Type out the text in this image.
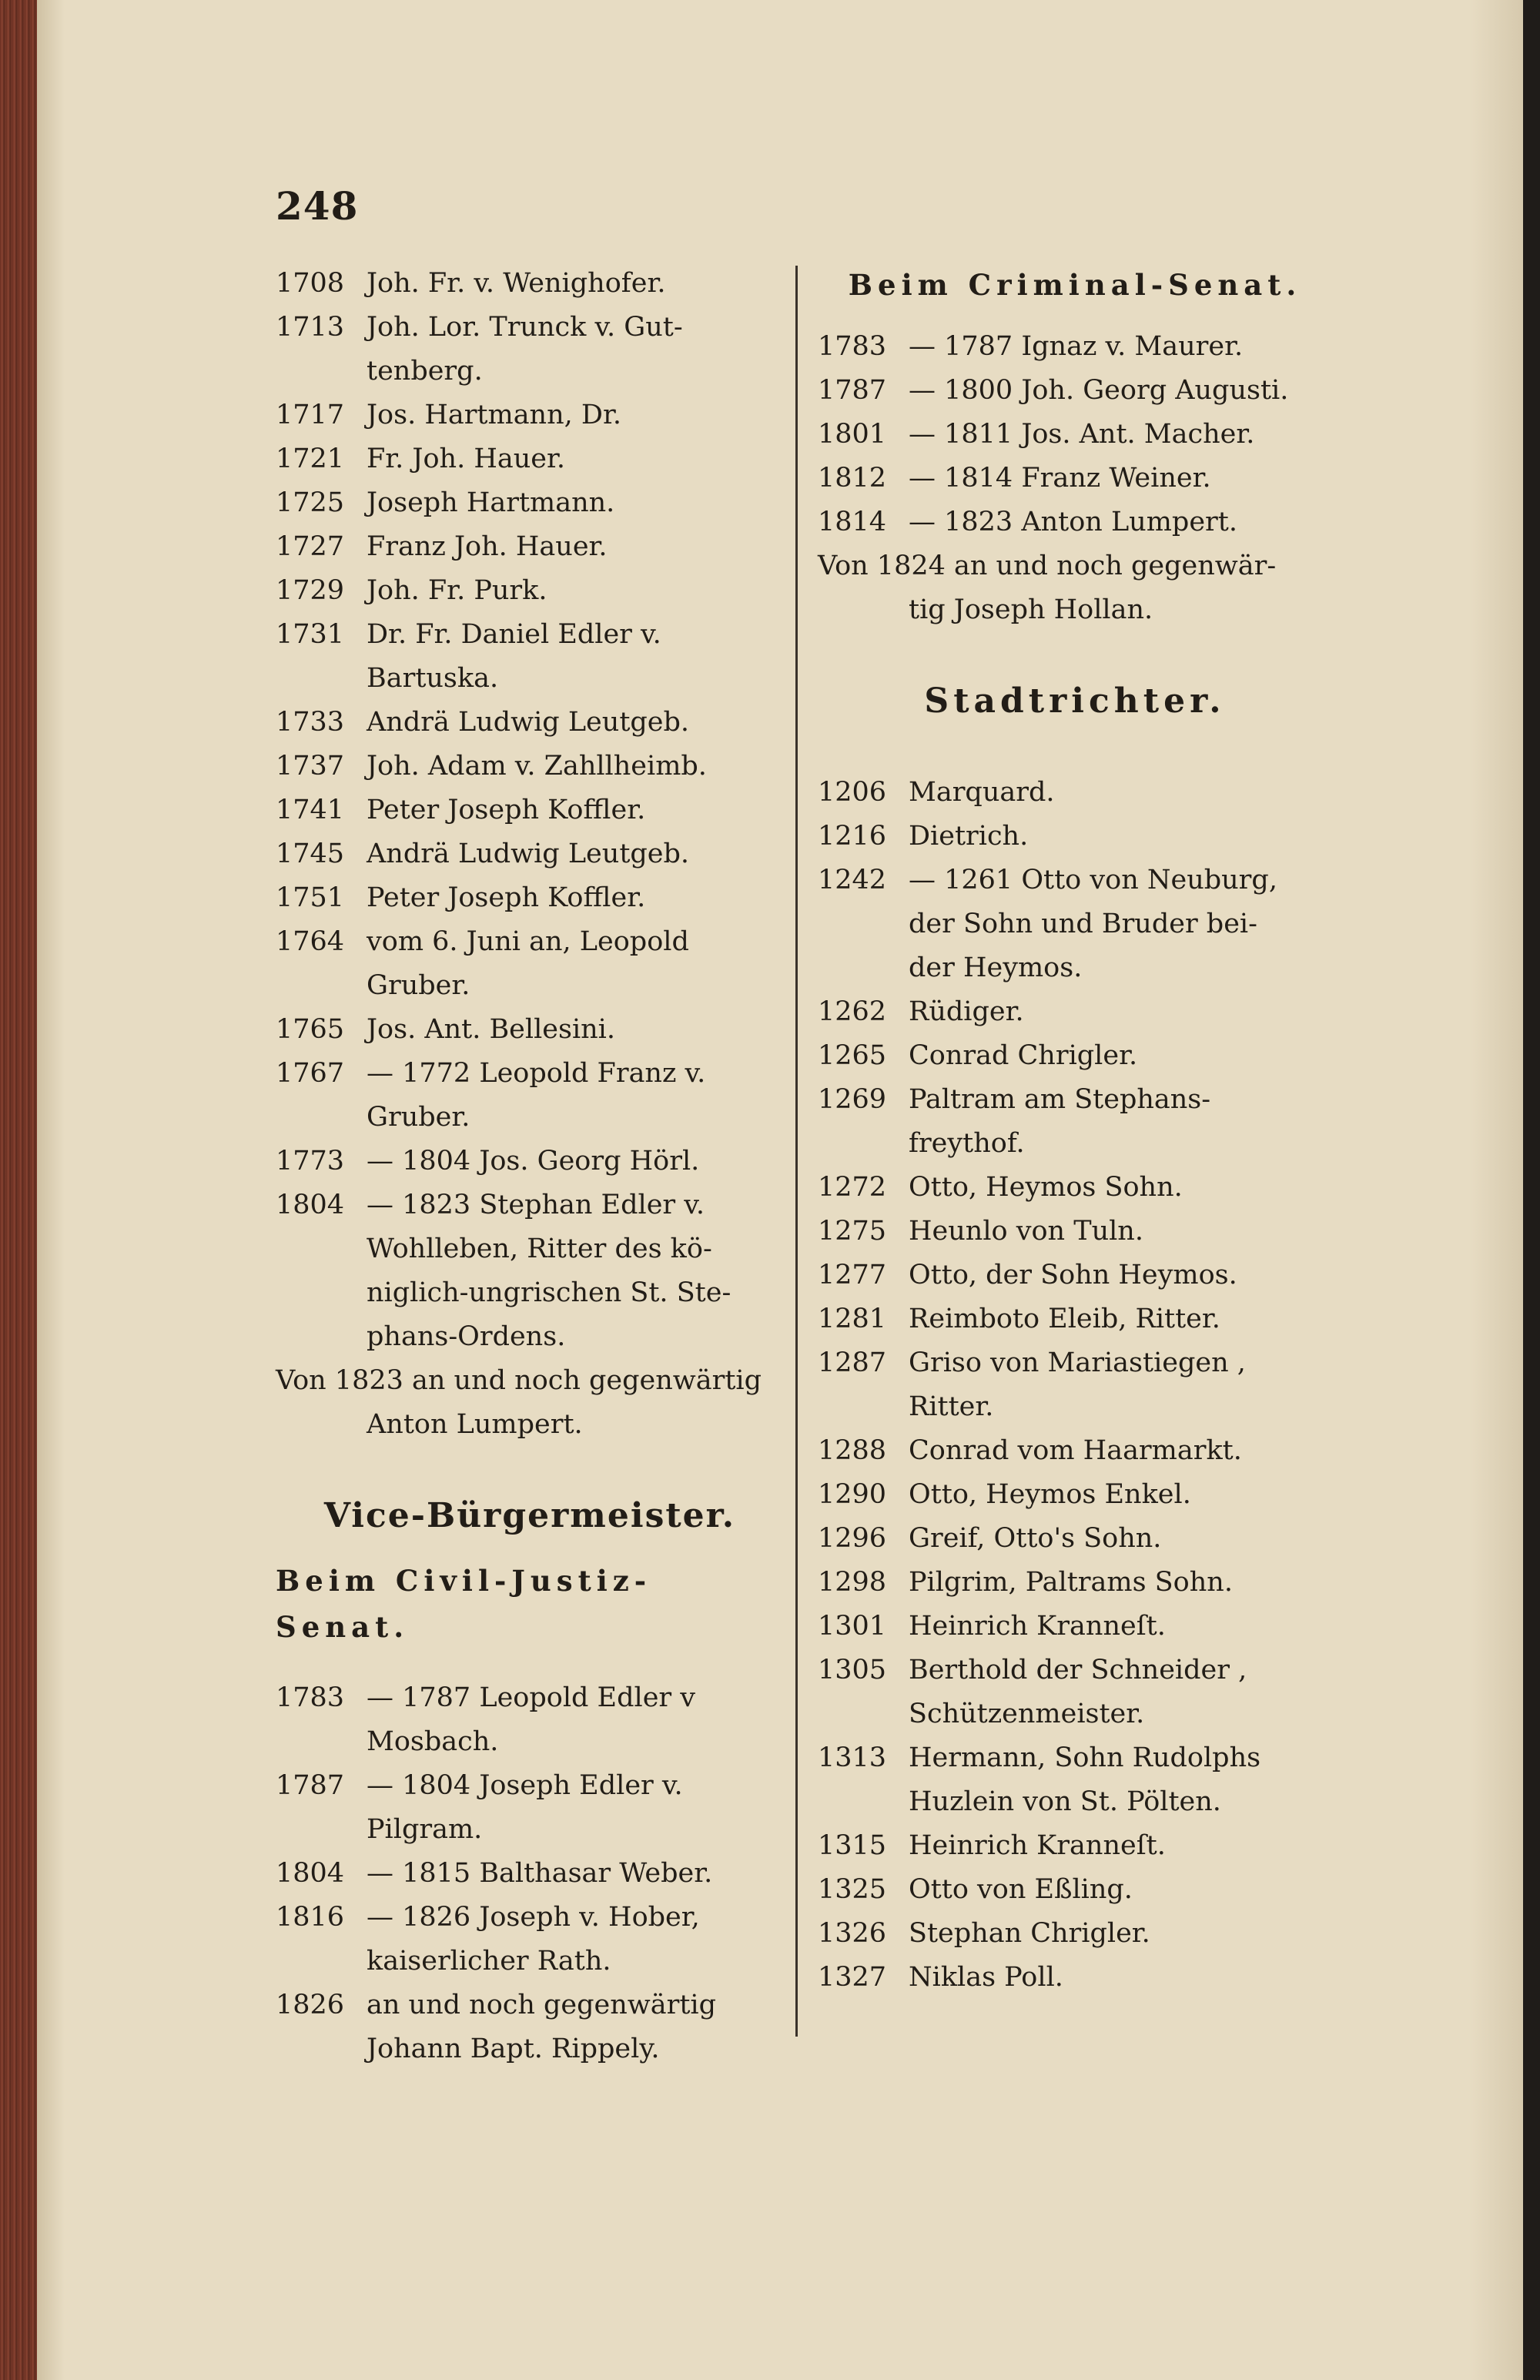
248
1708 Joh. Fr. v. Wenighofer.
1713 Joh. Lor. Trunck v. Gut-
tenberg.
1717 Jos. Hartmann, Dr.
1721 Fr. Joh. Hauer.
1725 Joseph Hartmann.
1727 Franz Joh. Hauer.
1729 Joh. Fr. Purk.
1731 Dr. Fr. Daniel Edler v.
Bartuska.
1733 Andrä Ludwig Leutgeb.
1737 Joh. Adam v. Zahllheimb.
1741 Peter Joseph Koffler.
1745 Andrä Ludwig Leutgeb.
1751 Peter Joseph Koffler.
1764 vom 6. Juni an, Leopold
Gruber.
1765 Jos. Ant. Bellesini.
1767 — 1772 Leopold Franz v.
Gruber.
1773 — 1804 Jos. Georg Hörl.
1804 — 1823 Stephan Edler v.
Wohlleben, Ritter des kö-
niglich-ungrischen St. Ste-
phans-Ordens.
Von 1823 an und noch gegenwärtig
Anton Lumpert.
Vice-Bürgermeister.
Beim Civil-Justiz-Senat.
1783 — 1787 Leopold Edler v
Mosbach.
1787 — 1804 Joseph Edler v.
Pilgram.
1804 — 1815 Balthasar Weber.
1816 — 1826 Joseph v. Hober,
kaiserlicher Rath.
1826 an und noch gegenwärtig
Johann Bapt. Rippely.
Beim Criminal-Senat.
1783 — 1787 Ignaz v. Maurer.
1787 — 1800 Joh. Georg Augusti.
1801 — 1811 Jos. Ant. Macher.
1812 — 1814 Franz Weiner.
1814 — 1823 Anton Lumpert.
Von 1824 an und noch gegenwär-
tig Joseph Hollan.
Stadtrichter.
1206 Marquard.
1216 Dietrich.
1242 — 1261 Otto von Neuburg,
der Sohn und Bruder bei-
der Heymos.
1262 Rüdiger.
1265 Conrad Chrigler.
1269 Paltram am Stephans-
freythof.
1272 Otto, Heymos Sohn.
1275 Heunlo von Tuln.
1277 Otto, der Sohn Heymos.
1281 Reimboto Eleib, Ritter.
1287 Griso von Mariastiegen ,
Ritter.
1288 Conrad vom Haarmarkt.
1290 Otto, Heymos Enkel.
1296 Greif, Otto's Sohn.
1298 Pilgrim, Paltrams Sohn.
1301 Heinrich Kranneſt.
1305 Berthold der Schneider ,
Schützenmeister.
1313 Hermann, Sohn Rudolphs
Huzlein von St. Pölten.
1315 Heinrich Kranneſt.
1325 Otto von Eßling.
1326 Stephan Chrigler.
1327 Niklas Poll.
